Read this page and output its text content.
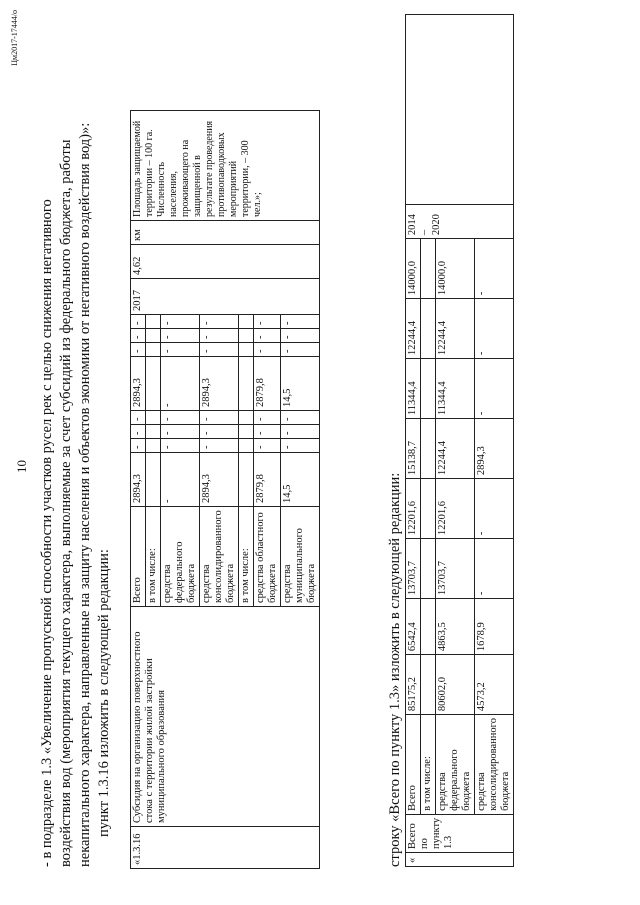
10 - в подразделе 1.3 «Увеличение пропускной способности участков русел рек с целью снижения негативного воздействия вод (мероприятия текущего характера, выполняемые за счет субсидий из федерального бюджета, работы некапитального характера, направленные на защиту населения и объектов экономики от негативного воздействия вод)»: пункт 1.3.16 изложить в следующей редакции:
«1.3.16	Субсидия на организацию поверхностного стока с территории жилой застройки муниципального образования	Всего	2894,3	-	-	-	2894,3	-	-	-	2017	4,62	км	Площадь защищаемой территории – 100 га. Численность населения, проживающего на защищенной в результате проведения противопаводковых мероприятий территории, – 300 чел.»;
		в том числе:												
		средства федерального бюджета	-	-	-	-	-	-	-	-				
		средства консолидированного бюджета	2894,3	-	-	-	2894,3	-	-	-				
		в том числе:												
		средства областного бюджета	2879,8	-	-	-	2879,8	-	-	-				
		средства муниципального бюджета	14,5	-	-	-	14,5	-	-	-				
строку «Всего по пункту 1.3» изложить в следующей редакции: «	Всего по пункту 1.3	Всего	85175,2	6542,4	13703,7	12201,6	15138,7	11344,4	12244,4	14000,0	2014 – 2020	
		в том числе:										
		средства федерального бюджета	80602,0	4863,5	13703,7	12201,6	12244,4	11344,4	12244,4	14000,0		
		средства консолидированного бюджета	4573,2	1678,9	-	-	2894,3	-	-	-		
Цм2017-17444/о
